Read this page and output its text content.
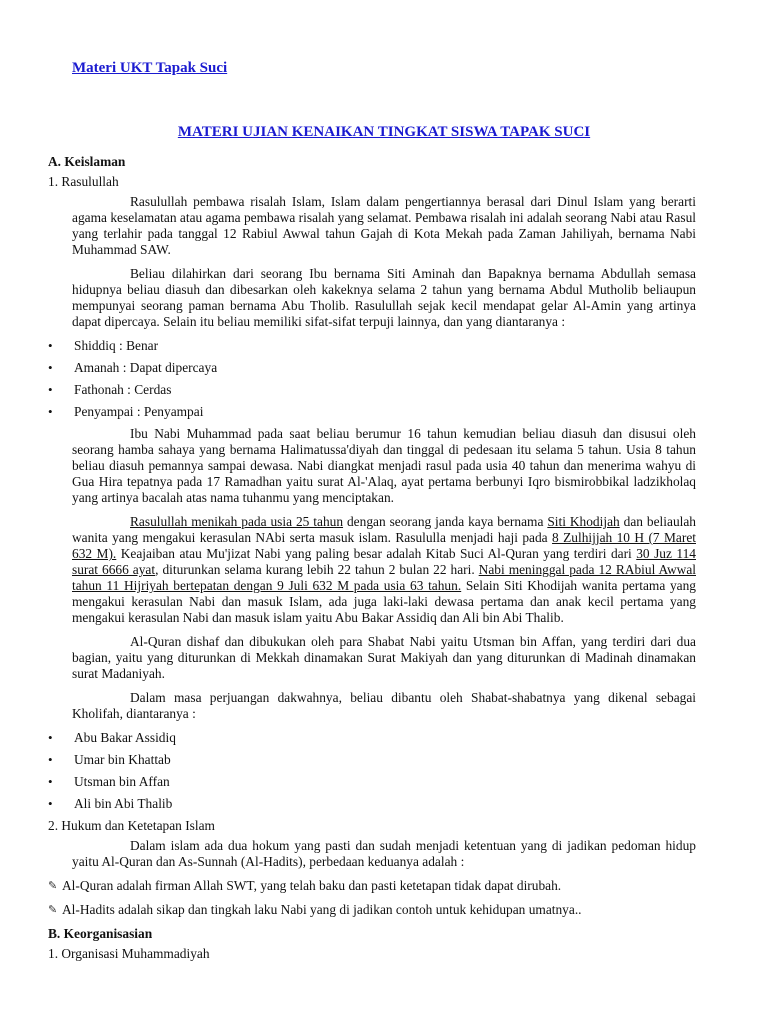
Materi UKT Tapak Suci
MATERI UJIAN KENAIKAN TINGKAT SISWA TAPAK SUCI
A. Keislaman
1. Rasulullah

Rasulullah pembawa risalah Islam, Islam dalam pengertiannya berasal dari Dinul Islam yang berarti agama keselamatan atau agama pembawa risalah yang selamat. Pembawa risalah ini adalah seorang Nabi atau Rasul yang terlahir pada tanggal 12 Rabiul Awwal tahun Gajah di Kota Mekah pada Zaman Jahiliyah, bernama Nabi Muhammad SAW.

Beliau dilahirkan dari seorang Ibu bernama Siti Aminah dan Bapaknya bernama Abdullah semasa hidupnya beliau diasuh dan dibesarkan oleh kakeknya selama 2 tahun yang bernama Abdul Mutholib beliaupun mempunyai seorang paman bernama Abu Tholib. Rasulullah sejak kecil mendapat gelar Al-Amin yang artinya dapat dipercaya. Selain itu beliau memiliki sifat-sifat terpuji lainnya, dan yang diantaranya :

• Shiddiq : Benar
• Amanah : Dapat dipercaya
• Fathonah : Cerdas
• Penyampai : Penyampai

Ibu Nabi Muhammad pada saat beliau berumur 16 tahun kemudian beliau diasuh dan disusui oleh seorang hamba sahaya yang bernama Halimatussa'diyah dan tinggal di pedesaan itu selama 5 tahun. Usia 8 tahun beliau diasuh pemannya sampai dewasa. Nabi diangkat menjadi rasul pada usia 40 tahun dan menerima wahyu di Gua Hira tepatnya pada 17 Ramadhan yaitu surat Al-'Alaq, ayat pertama berbunyi Iqro bismirobbikal ladzikholaq yang artinya bacalah atas nama tuhanmu yang menciptakan.

Rasulullah menikah pada usia 25 tahun dengan seorang janda kaya bernama Siti Khodijah dan beliaulah wanita yang mengakui kerasulan NAbi serta masuk islam. Rasululla menjadi haji pada 8 Zulhijjah 10 H (7 Maret 632 M). Keajaiban atau Mu'jizat Nabi yang paling besar adalah Kitab Suci Al-Quran yang terdiri dari 30 Juz 114 surat 6666 ayat, diturunkan selama kurang lebih 22 tahun 2 bulan 22 hari. Nabi meninggal pada 12 RAbiul Awwal tahun 11 Hijriyah bertepatan dengan 9 Juli 632 M pada usia 63 tahun. Selain Siti Khodijah wanita pertama yang mengakui kerasulan Nabi dan masuk Islam, ada juga laki-laki dewasa pertama dan anak kecil pertama yang mengakui kerasulan Nabi dan masuk islam yaitu Abu Bakar Assidiq dan Ali bin Abi Thalib.

Al-Quran dishaf dan dibukukan oleh para Shabat Nabi yaitu Utsman bin Affan, yang terdiri dari dua bagian, yaitu yang diturunkan di Mekkah dinamakan Surat Makiyah dan yang diturunkan di Madinah dinamakan surat Madaniyah.

Dalam masa perjuangan dakwahnya, beliau dibantu oleh Shabat-shabatnya yang dikenal sebagai Kholifah, diantaranya :

• Abu Bakar Assidiq
• Umar bin Khattab
• Utsman bin Affan
• Ali bin Abi Thalib
2. Hukum dan Ketetapan Islam

Dalam islam ada dua hokum yang pasti dan sudah menjadi ketentuan yang di jadikan pedoman hidup yaitu Al-Quran dan As-Sunnah (Al-Hadits), perbedaan keduanya adalah :

✎ Al-Quran adalah firman Allah SWT, yang telah baku dan pasti ketetapan tidak dapat dirubah.
✎ Al-Hadits adalah sikap dan tingkah laku Nabi yang di jadikan contoh untuk kehidupan umatnya..
B. Keorganisasian
1. Organisasi Muhammadiyah
